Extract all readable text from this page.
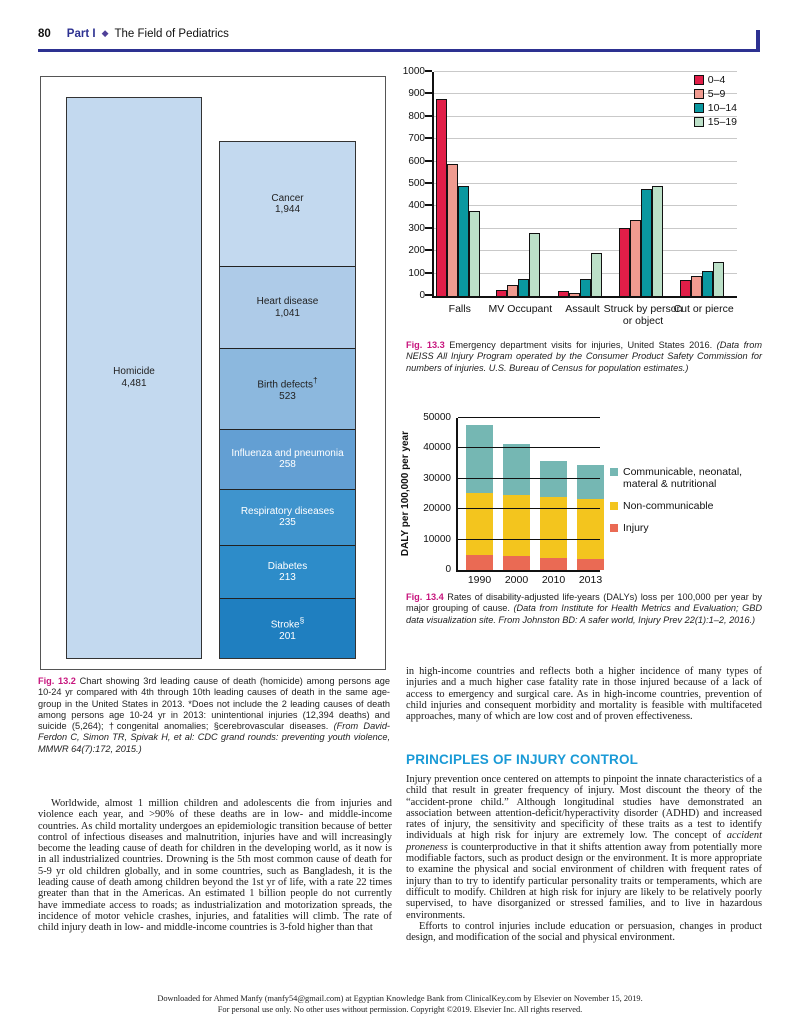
80 Part I ◆ The Field of Pediatrics
Homicide
4,481
Cancer
1,944
Heart disease
1,041
Birth defects†
523
Influenza and pneumonia
258
Respiratory diseases
235
Diabetes
213
Stroke§
201

Fig. 13.2 Chart showing 3rd leading cause of death (homicide) among persons age 10-24 yr compared with 4th through 10th leading causes of death in the same age-group in the United States in 2013. *Does not include the 2 leading causes of death among persons age 10-24 yr in 2013: unintentional injuries (12,394 deaths) and suicide (5,264); †congenital anomalies; §cerebrovascular diseases. (From David-Ferdon C, Simon TR, Spivak H, et al: CDC grand rounds: preventing youth violence, MMWR 64(7):172, 2015.)

Worldwide, almost 1 million children and adolescents die from injuries and violence each year, and >90% of these deaths are in low- and middle-income countries. As child mortality undergoes an epidemiologic transition because of better control of infectious diseases and malnutrition, injuries have and will increasingly become the leading cause of death for children in the developing world, as it now is in all industrialized countries. Drowning is the 5th most common cause of death for 5-9 yr old children globally, and in some countries, such as Bangladesh, it is the leading cause of death among children beyond the 1st yr of life, with a rate 22 times greater than that in the Americas. An estimated 1 billion people do not currently have immediate access to roads; as industrialization and motorization spreads, the incidence of motor vehicle crashes, injuries, and fatalities will climb. The rate of child injury death in low- and middle-income countries is 3-fold higher than that

0
100
200
300
400
500
600
700
800
900
1000
Falls	MV Occupant	Assault Struck by person or object
Cut or pierce
0–4
5–9
10–14
15–19

Fig. 13.3 Emergency department visits for injuries, United States 2016. (Data from NEISS All Injury Program operated by the Consumer Product Safety Commission for numbers of injuries. U.S. Bureau of Census for population estimates.)

DALY per 100,000 per year
0
10000
20000
30000
40000
50000
1990	2000	2010	2013
Communicable, neonatal, materal & nutritional
Non-communicable
Injury

Fig. 13.4 Rates of disability-adjusted life-years (DALYs) loss per 100,000 per year by major grouping of cause. (Data from Institute for Health Metrics and Evaluation; GBD data visualization site. From Johnston BD: A safer world, Injury Prev 22(1):1–2, 2016.)

in high-income countries and reflects both a higher incidence of many types of injuries and a much higher case fatality rate in those injured because of a lack of access to emergency and surgical care. As in high-income countries, prevention of child injuries and consequent morbidity and mortality is feasible with multifaceted approaches, many of which are low cost and of proven effectiveness.

PRINCIPLES OF INJURY CONTROL

Injury prevention once centered on attempts to pinpoint the innate characteristics of a child that result in greater frequency of injury. Most discount the theory of the “accident-prone child.” Although longitudinal studies have demonstrated an association between attention-deficit/hyperactivity disorder (ADHD) and increased rates of injury, the sensitivity and specificity of these traits as a test to identify individuals at high risk for injury are extremely low. The concept of accident proneness is counterproductive in that it shifts attention away from potentially more modifiable factors, such as product design or the environment. It is more appropriate to examine the physical and social environment of children with frequent rates of injury than to try to identify particular personality traits or temperaments, which are difficult to modify. Children at high risk for injury are likely to be relatively poorly supervised, to have disorganized or stressed families, and to live in hazardous environments.

Efforts to control injuries include education or persuasion, changes in product design, and modification of the social and physical environment.

Downloaded for Ahmed Manfy (manfy54@gmail.com) at Egyptian Knowledge Bank from ClinicalKey.com by Elsevier on November 15, 2019.
For personal use only. No other uses without permission. Copyright ©2019. Elsevier Inc. All rights reserved.
